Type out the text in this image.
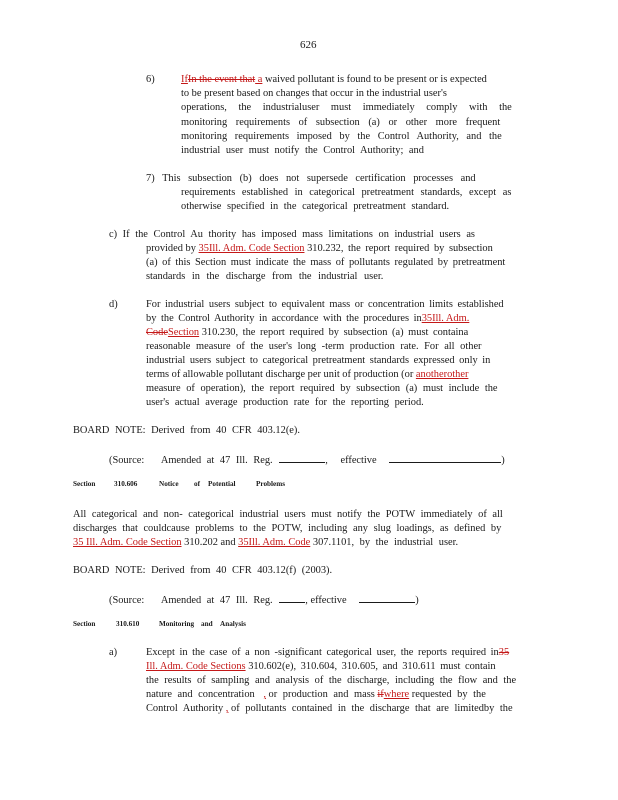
626
6)	IfIn the event that a waived pollutant is found to be present or is expected
to be present based on changes that occur in the industrial user's
operations, the industrialuser must immediately comply with the
monitoring requirements of subsection (a) or other more frequent
monitoring requirements imposed by the Control Authority, and the
industrial user must notify the Control Authority; and
7) This subsection (b) does not supersede certification processes and
requirements established in categorical pretreatment standards, except as
otherwise specified in the categorical pretreatment standard.
c) If the Control Au thority has imposed mass limitations on industrial users as
provided by 35Ill. Adm. Code Section 310.232, the report required by subsection
(a) of this Section must indicate the mass of pollutants regulated by pretreatment
standards in the discharge from the industrial user.
d)	For industrial users subject to equivalent mass or concentration limits established
by the Control Authority in accordance with the procedures in35Ill. Adm.
CodeSection 310.230, the report required by subsection (a) must containa
reasonable measure of the user's long -term production rate. For all other
industrial users subject to categorical pretreatment standards expressed only in
terms of allowable pollutant discharge per unit of production (or anotherother
measure of operation), the report required by subsection (a) must include the
user's actual average production rate for the reporting period.
BOARD NOTE: Derived from 40 CFR 403.12(e).
(Source: Amended at 47 Ill. Reg.	, effective	)
Section	310.606	Notice of Potential	Problems
All categorical and non- categorical industrial users must notify the POTW immediately of all
discharges that couldcause problems to the POTW, including any slug loadings, as defined by
35 Ill. Adm. Code Section 310.202 and 35Ill. Adm. Code 307.1101, by the industrial user.
BOARD NOTE: Derived from 40 CFR 403.12(f) (2003).
(Source: Amended at 47 Ill. Reg.	, effective	)
Section	310.610	Monitoring and Analysis
a)	Except in the case of a non -significant categorical user, the reports required in35
Ill. Adm. Code Sections 310.602(e), 310.604, 310.605, and 310.611 must contain
the results of sampling and analysis of the discharge, including the flow and the
nature and concentration , or production and mass ifwhere requested by the
Control Authority , of pollutants contained in the discharge that are limitedby the
